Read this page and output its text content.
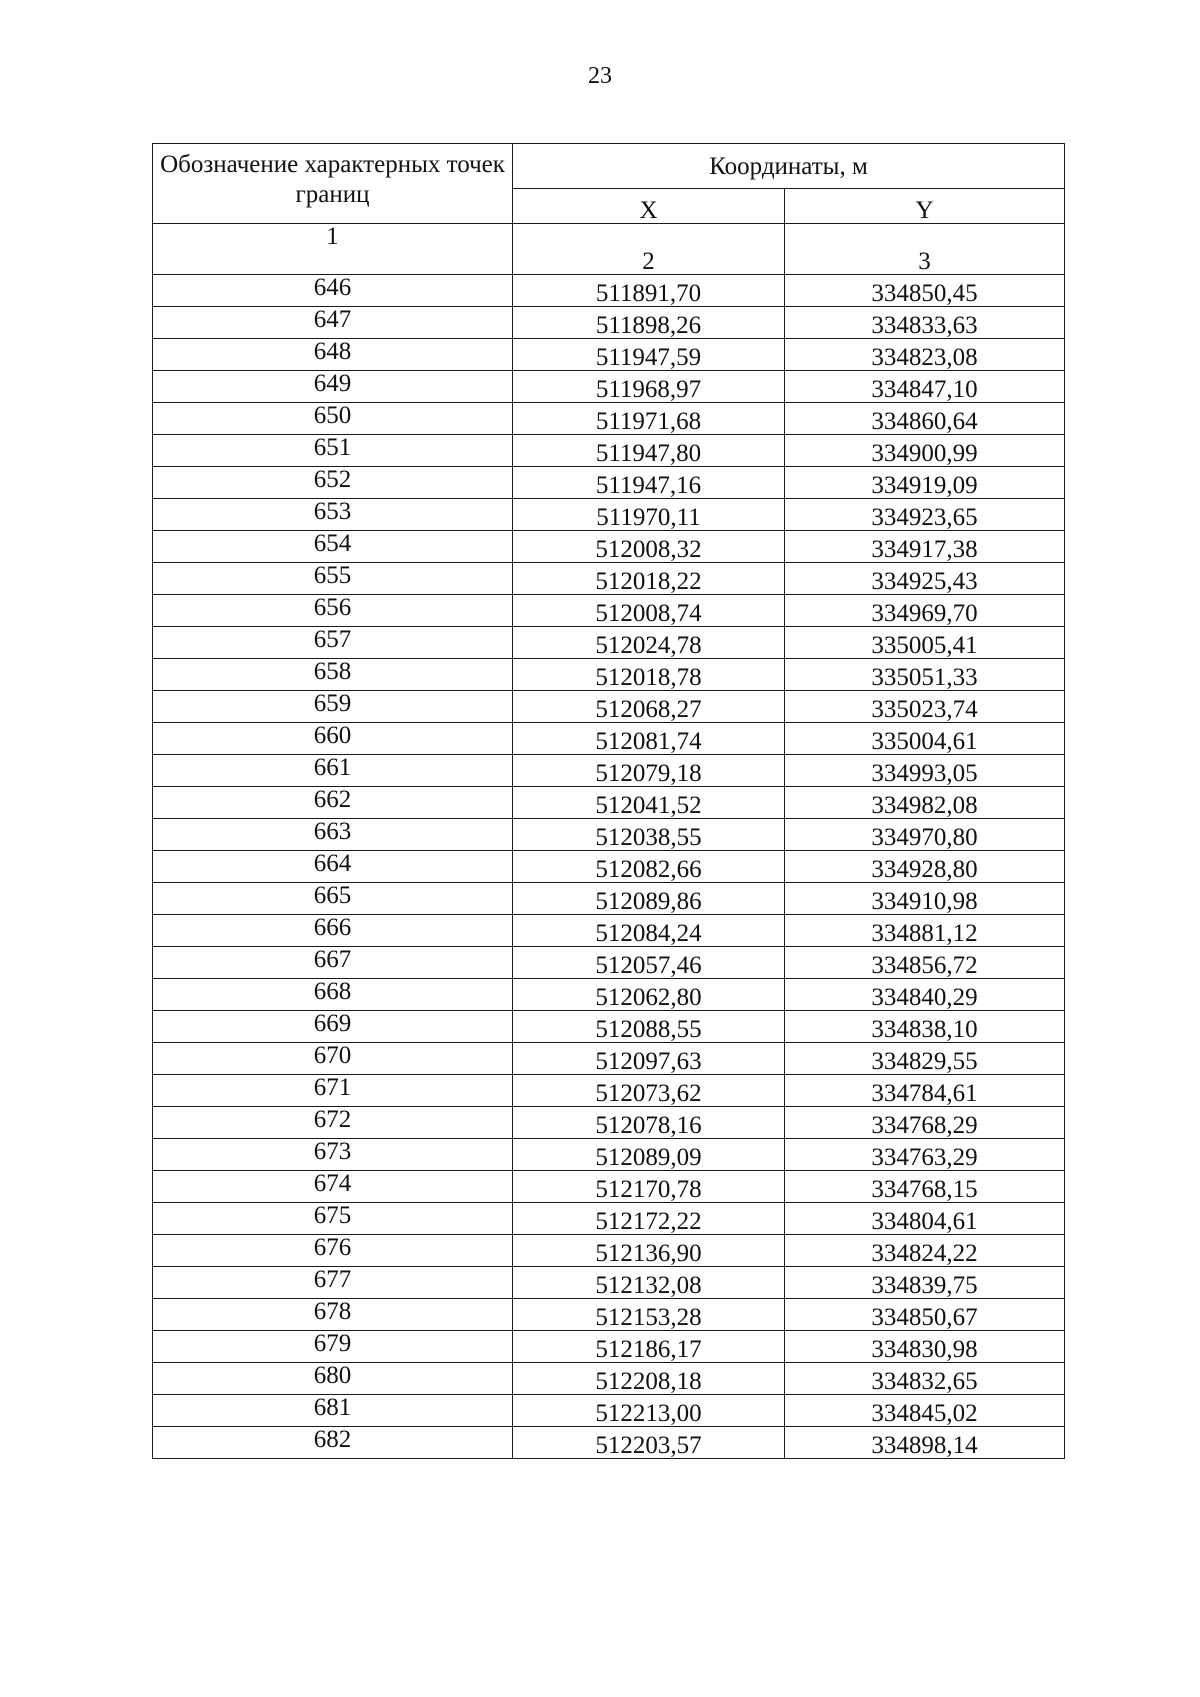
23
Обозначение характерных точек границ	Координаты, м	
	X	Y
1	2	3
646	511891,70	334850,45
647	511898,26	334833,63
648	511947,59	334823,08
649	511968,97	334847,10
650	511971,68	334860,64
651	511947,80	334900,99
652	511947,16	334919,09
653	511970,11	334923,65
654	512008,32	334917,38
655	512018,22	334925,43
656	512008,74	334969,70
657	512024,78	335005,41
658	512018,78	335051,33
659	512068,27	335023,74
660	512081,74	335004,61
661	512079,18	334993,05
662	512041,52	334982,08
663	512038,55	334970,80
664	512082,66	334928,80
665	512089,86	334910,98
666	512084,24	334881,12
667	512057,46	334856,72
668	512062,80	334840,29
669	512088,55	334838,10
670	512097,63	334829,55
671	512073,62	334784,61
672	512078,16	334768,29
673	512089,09	334763,29
674	512170,78	334768,15
675	512172,22	334804,61
676	512136,90	334824,22
677	512132,08	334839,75
678	512153,28	334850,67
679	512186,17	334830,98
680	512208,18	334832,65
681	512213,00	334845,02
682	512203,57	334898,14
